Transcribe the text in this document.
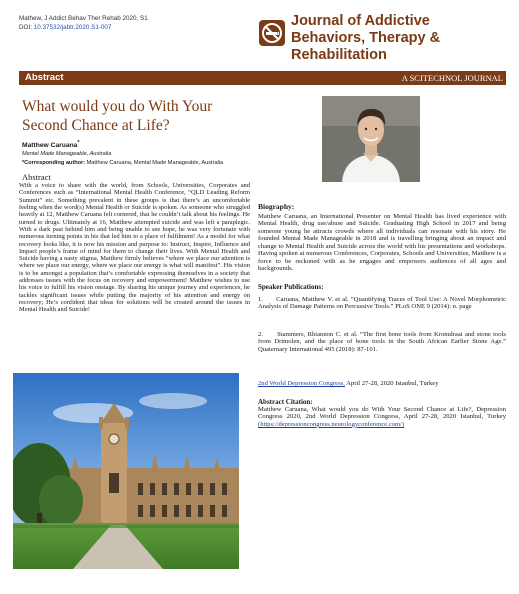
Mathew, J Addict Behav Ther Rehab 2020, S1
DOI: 10.37532/jabtr.2020.S1-007	Journal of Addictive Behaviors, Therapy & Rehabilitation
Abstract	A SCITECHNOL JOURNAL
What would you do With Your Second Chance at Life?
Matthew Caruana*
Mental Made Manageable, Australia
*Corresponding author: Matthew Caruana, Mental Made Manageable, Australia
Abstract
With a voice to share with the world, from Schools, Universities, Corporates and Conferences such as “International Mental Health Conference, “QLD Leading Reform Summit” etc. Something prevalent in these groups is that there’s an uncomfortable feeling when the word(s) Mental Health or Suicide is spoken. As someone who struggled heavily at 12, Matthew Caruana felt cornered, that he couldn’t talk about his feelings. He turned to drugs. Ultimately at 16, Matthew attempted suicide and was left a paraplegic. With a dark past behind him and being unable to see hope, he was very fortunate with numerous turning points in his that led him to a place of fulfilment! As a model for what recovery looks like, it is now his mission and purpose to: Instruct, Inspire, Influence and Impact people’s frame of mind for them to change their lives. With Mental Health and Suicide having a nasty stigma, Matthew firmly believes “where we place our attention is where we place our energy, where we place our energy is what will manifest”. His vision is to be amongst a population that’s comfortable expressing themselves in a society that addresses issues with the focus on recovery and empowerment! Matthew wishes to use his voice to fulfill his vision onstage. By sharing his unique journey and experiences, he tackles significant issues while putting the majority of his attention and energy on recovery; He’s confident that ideas for solutions will be created around the issues in Mental Health and Suicide!
Biography:
Matthew Caruana, an International Presenter on Mental Health has lived experience with Mental Health, drug use/abuse and Suicide. Graduating High School in 2017 and being someone young he attracts crowds where all individuals can resonate with his story. He founded Mental Made Manageable in 2018 and is travelling bringing about an impact and change to Mental Health and Suicide across the world with his presentations and workshops. Having spoken at numerous Conferences, Corporates, Schools and Universities, Matthew is a force to be reckoned with as he engages and empowers audiences of all ages and backgrounds.
Speaker Publications:
1.      Caruana, Matthew V. et al. “Quantifying Traces of Tool Use: A Novel Morphometric Analysis of Damage Patterns on Percussive Tools.” PLoS ONE 9 (2014): n. page
2.      Stammers, Rhiannon C. et al. “The first bone tools from Kromdraai and stone tools from Drimolen, and the place of bone tools in the South African Earlier Stone Age.” Quaternary International 495 (2018): 87-101.
2nd World Depression Congress, April 27-28, 2020 Istanbul, Turkey
Abstract Citation:
Matthew Caruana, What would you do With Your Second Chance at Life?, Depression Congress 2020, 2nd World Depression Congress, April 27-28, 2020 Istanbul, Turkey (https://depressioncongress.neurologyconference.com/)
